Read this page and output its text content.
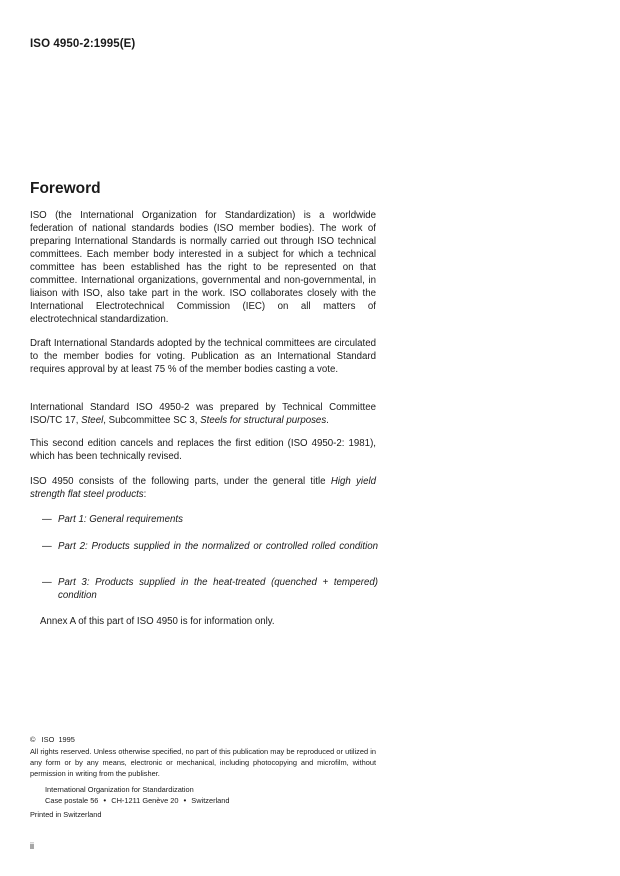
ISO 4950-2:1995(E)
Foreword

ISO (the International Organization for Standardization) is a worldwide federation of national standards bodies (ISO member bodies). The work of preparing International Standards is normally carried out through ISO technical committees. Each member body interested in a subject for which a technical committee has been established has the right to be represented on that committee. International organizations, governmental and non-governmental, in liaison with ISO, also take part in the work. ISO collaborates closely with the International Electrotechnical Commission (IEC) on all matters of electrotechnical standardization.

Draft International Standards adopted by the technical committees are circulated to the member bodies for voting. Publication as an International Standard requires approval by at least 75 % of the member bodies casting a vote.

International Standard ISO 4950-2 was prepared by Technical Committee ISO/TC 17, Steel, Subcommittee SC 3, Steels for structural purposes.

This second edition cancels and replaces the first edition (ISO 4950-2: 1981), which has been technically revised.

ISO 4950 consists of the following parts, under the general title High yield strength flat steel products:

— Part 1: General requirements
— Part 2: Products supplied in the normalized or controlled rolled condition
— Part 3: Products supplied in the heat-treated (quenched + tempered) condition
Annex A of this part of ISO 4950 is for information only.
©   ISO  1995
All rights reserved. Unless otherwise specified, no part of this publication may be reproduced or utilized in any form or by any means, electronic or mechanical, including photocopying and microfilm, without permission in writing from the publisher.
International Organization for Standardization
Case postale 56 • CH-1211 Genève 20 • Switzerland
Printed in Switzerland
ii
